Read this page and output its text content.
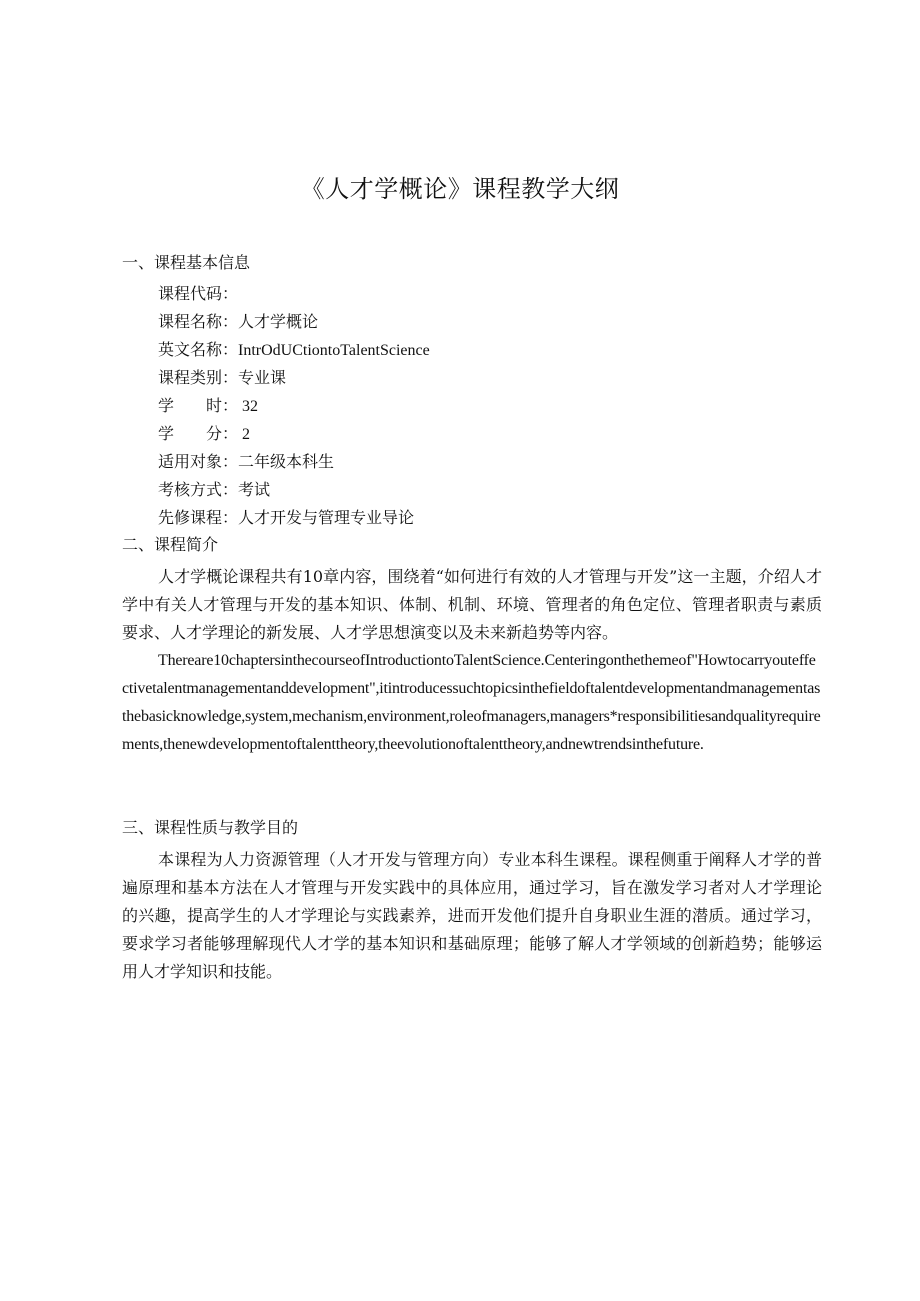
《人才学概论》课程教学大纲
一、课程基本信息
课程代码：
课程名称：人才学概论
英文名称：IntrOdUCtiontoTalentScience
课程类别：专业课
学 时： 32
学 分： 2
适用对象：二年级本科生
考核方式：考试
先修课程：人才开发与管理专业导论
二、课程简介

人才学概论课程共有10章内容，围绕着“如何进行有效的人才管理与开发”这一主题，介绍人才学中有关人才管理与开发的基本知识、体制、机制、环境、管理者的角色定位、管理者职责与素质要求、人才学理论的新发展、人才学思想演变以及未来新趋势等内容。

Thereare10chaptersinthecourseofIntroductiontoTalentScience.Centeringonthethemeof"Howtocarryouteffectivetalentmanagementanddevelopment",itintroducessuchtopicsinthefieldoftalentdevelopmentandmanagementasthebasicknowledge,system,mechanism,environment,roleofmanagers,managers*responsibilitiesandqualityrequirements,thenewdevelopmentoftalenttheory,theevolutionoftalenttheory,andnewtrendsinthefuture.

三、课程性质与教学目的

本课程为人力资源管理（人才开发与管理方向）专业本科生课程。课程侧重于阐释人才学的普遍原理和基本方法在人才管理与开发实践中的具体应用，通过学习，旨在激发学习者对人才学理论的兴趣，提高学生的人才学理论与实践素养，进而开发他们提升自身职业生涯的潜质。通过学习，要求学习者能够理解现代人才学的基本知识和基础原理；能够了解人才学领域的创新趋势；能够运用人才学知识和技能。
